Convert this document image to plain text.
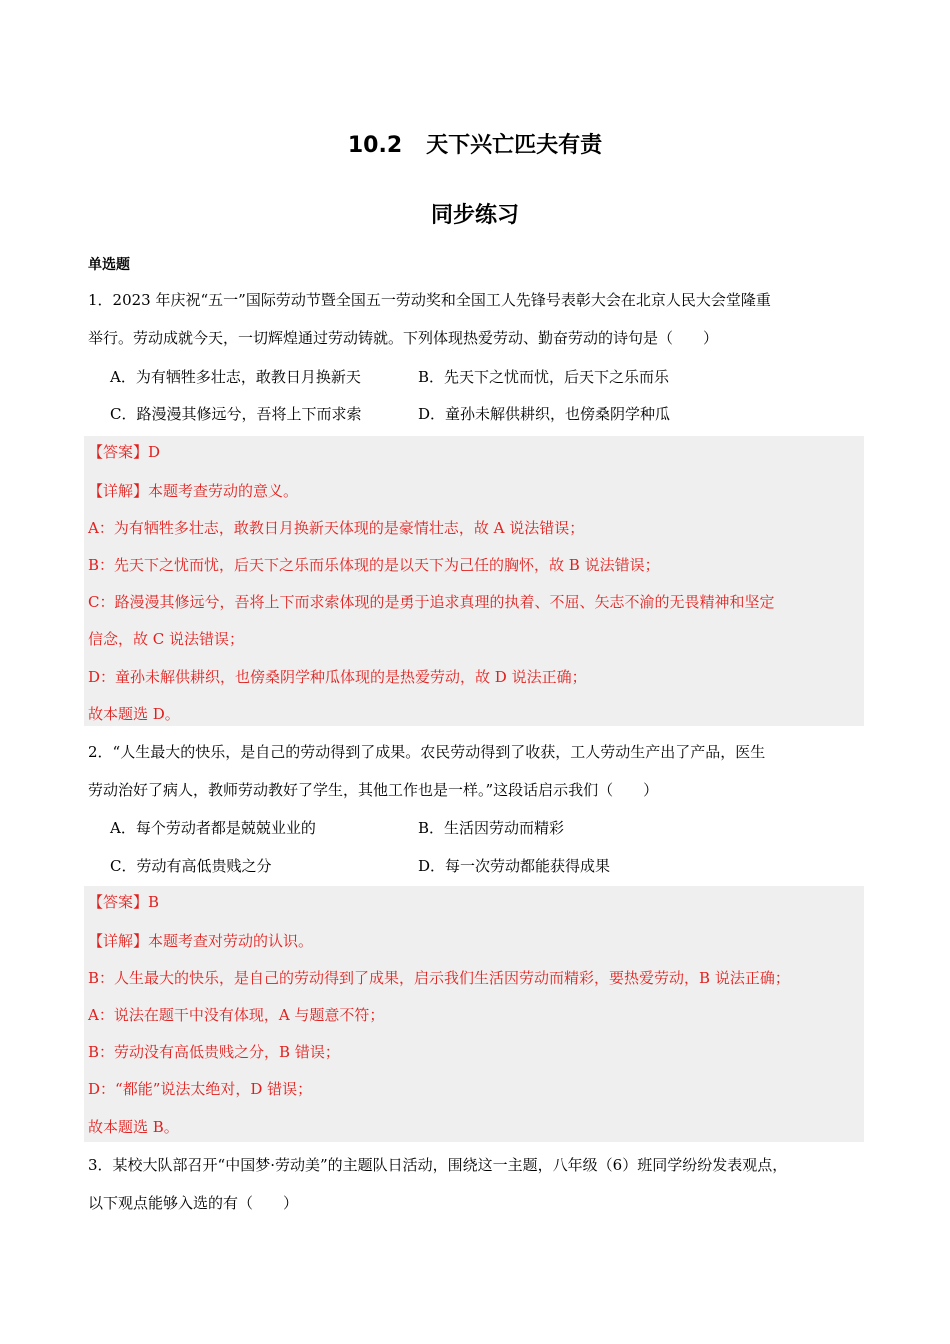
10.2 天下兴亡匹夫有责
同步练习
单选题
1．2023 年庆祝“五一”国际劳动节暨全国五一劳动奖和全国工人先锋号表彰大会在北京人民大会堂隆重
举行。劳动成就今天，一切辉煌通过劳动铸就。下列体现热爱劳动、勤奋劳动的诗句是（　　）
A．为有牺牲多壮志，敢教日月换新天	B．先天下之忧而忧，后天下之乐而乐
C．路漫漫其修远兮，吾将上下而求索	D．童孙未解供耕织，也傍桑阴学种瓜
【答案】D
【详解】本题考查劳动的意义。
A：为有牺牲多壮志，敢教日月换新天体现的是豪情壮志，故 A 说法错误；
B：先天下之忧而忧，后天下之乐而乐体现的是以天下为己任的胸怀，故 B 说法错误；
C：路漫漫其修远兮，吾将上下而求索体现的是勇于追求真理的执着、不屈、矢志不渝的无畏精神和坚定
信念，故 C 说法错误；
D：童孙未解供耕织，也傍桑阴学种瓜体现的是热爱劳动，故 D 说法正确；
故本题选 D。
2．“人生最大的快乐，是自己的劳动得到了成果。农民劳动得到了收获，工人劳动生产出了产品，医生
劳动治好了病人，教师劳动教好了学生，其他工作也是一样。”这段话启示我们（　　）
A．每个劳动者都是兢兢业业的	B．生活因劳动而精彩
C．劳动有高低贵贱之分	D．每一次劳动都能获得成果
【答案】B
【详解】本题考查对劳动的认识。
B：人生最大的快乐，是自己的劳动得到了成果，启示我们生活因劳动而精彩，要热爱劳动，B 说法正确；
A：说法在题干中没有体现，A 与题意不符；
B：劳动没有高低贵贱之分，B 错误；
D：“都能”说法太绝对，D 错误；
故本题选 B。
3．某校大队部召开“中国梦·劳动美”的主题队日活动，围绕这一主题，八年级（6）班同学纷纷发表观点，
以下观点能够入选的有（　　）
